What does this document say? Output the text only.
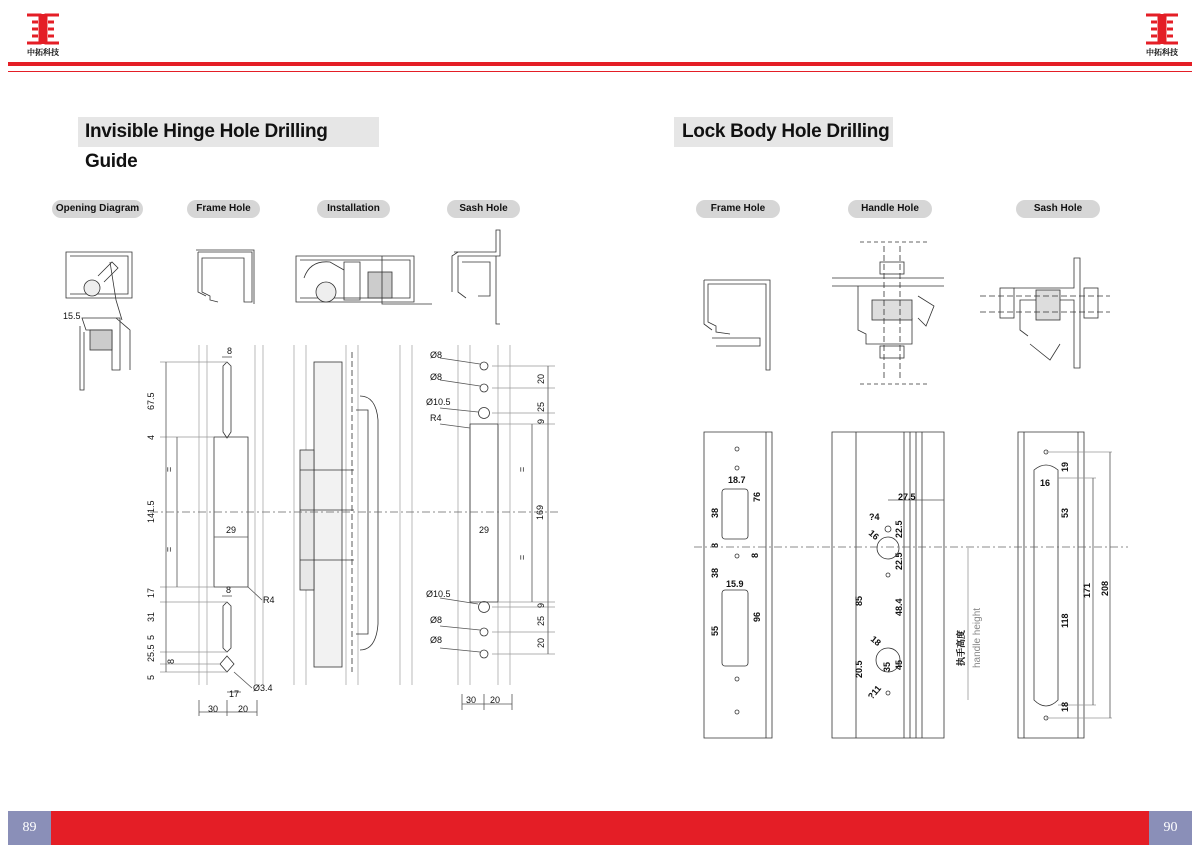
中拓科技	中拓科技
Invisible Hinge Hole Drilling Guide
Lock Body Hole Drilling
Opening Diagram	Frame Hole	Installation	Sash Hole	Frame Hole	Handle Hole	Sash Hole
15.5
8
67.5
4
141.5
17
31
5
25.5
5
8
29
8
R4
17
Ø3.4
30 20
=
=
Ø8
Ø8
Ø10.5
R4
29
Ø10.5
Ø8
Ø8
20
9
25
169
9
25
20
30 20
=
=
18.7
76
38
8
8
38
15.9
96
55
27.5
?4
16 22.5
22.5
85	48.4
18
20.5 35 45
?11
执手高度 handle height
19
16
53
171 208
118
18
89	90
